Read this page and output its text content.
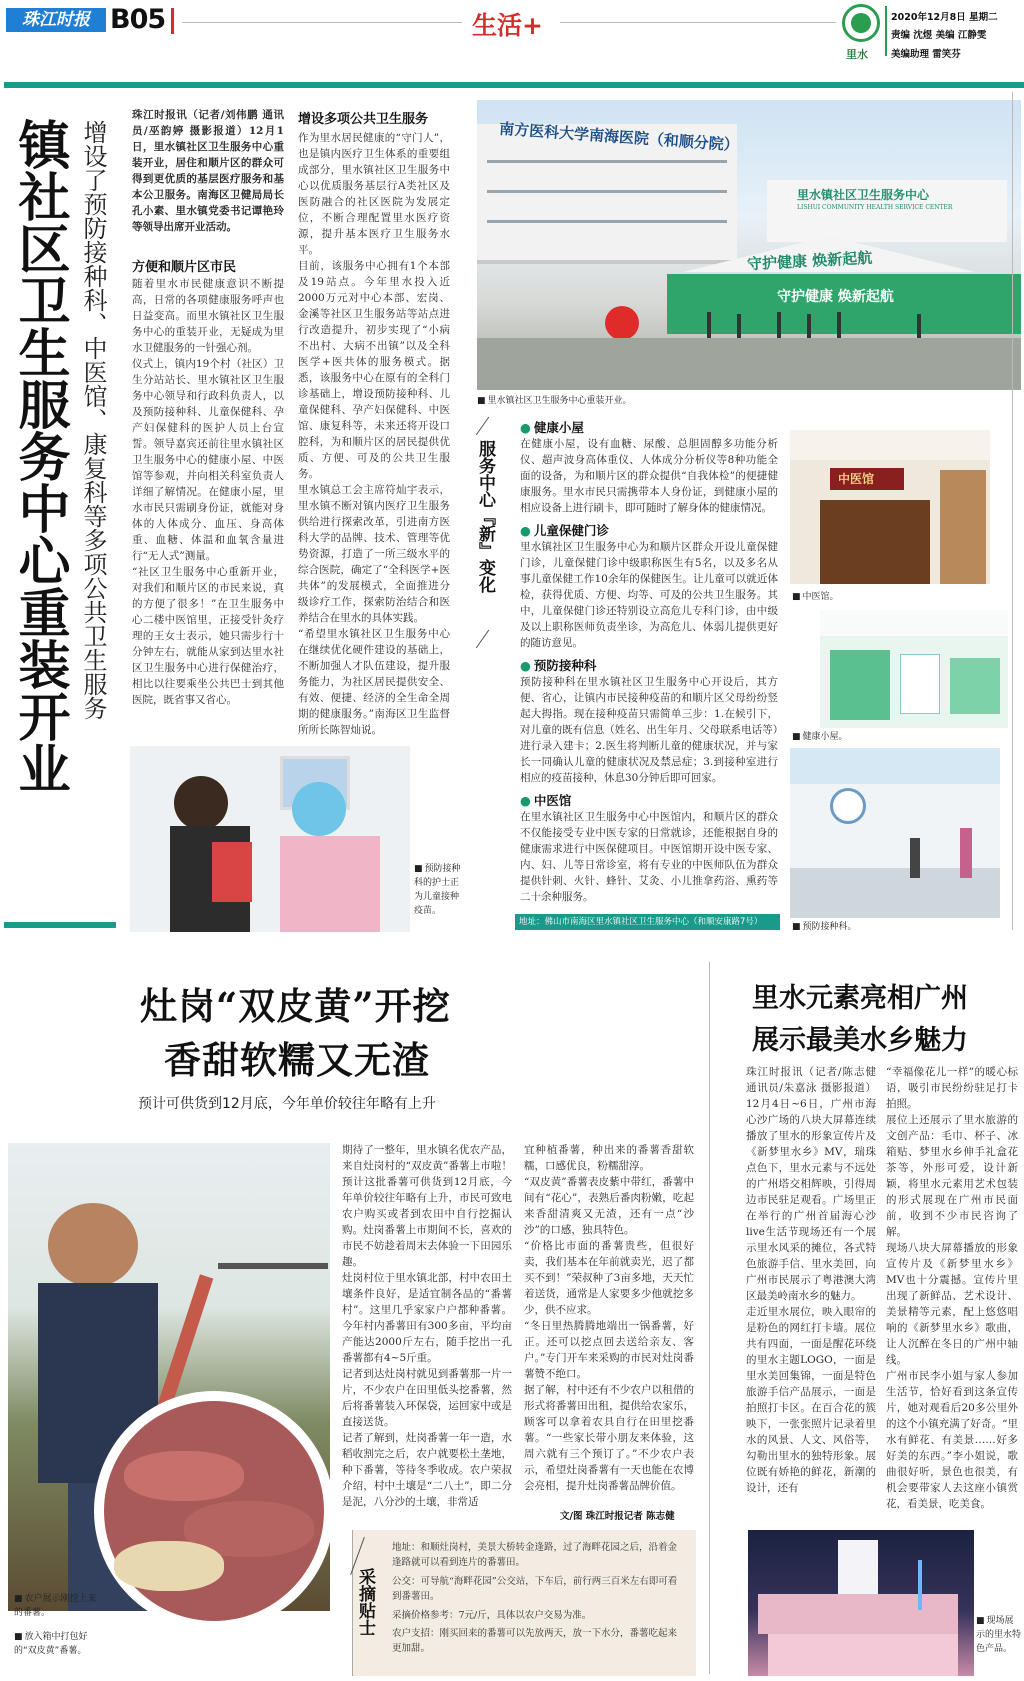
珠江时报 B05	生活+
里水
2020年12月8日 星期二
责编 沈煜 美编 江静雯
美编助理 雷笑芬
镇社区卫生服务中心重装开业 增设了预防接种科、中医馆、康复科等多项公共卫生服务
珠江时报讯（记者/刘伟鹏 通讯员/巫韵婷 摄影报道）12月1日，里水镇社区卫生服务中心重装开业，居住和顺片区的群众可得到更优质的基层医疗服务和基本公卫服务。南海区卫健局局长孔小素、里水镇党委书记谭艳玲等领导出席开业活动。
方便和顺片区市民
随着里水市民健康意识不断提高，日常的各项健康服务呼声也日益变高。而里水镇社区卫生服务中心的重装开业，无疑成为里水卫健服务的一针强心剂。
仪式上，镇内19个村（社区）卫生分站站长、里水镇社区卫生服务中心领导和行政科负责人，以及预防接种科、儿童保健科、孕产妇保健科的医护人员上台宣誓。领导嘉宾还前往里水镇社区卫生服务中心的健康小屋、中医馆等参观，并向相关科室负责人详细了解情况。在健康小屋，里水市民只需刷身份证，就能对身体的人体成分、血压、身高体重、血糖、体温和血氧含量进行“无人式”测量。
“社区卫生服务中心重新开业，对我们和顺片区的市民来说，真的方便了很多！”在卫生服务中心二楼中医馆里，正接受针灸疗理的王女士表示，她只需步行十分钟左右，就能从家到达里水社区卫生服务中心进行保健治疗，相比以往要乘坐公共巴士到其他医院，既省事又省心。
增设多项公共卫生服务
作为里水居民健康的“守门人”，也是镇内医疗卫生体系的重要组成部分，里水镇社区卫生服务中心以优质服务基层行A类社区及医防融合的社区医院为发展定位，不断合理配置里水医疗资源，提升基本医疗卫生服务水平。
目前，该服务中心拥有1个本部及19站点。今年里水投入近2000万元对中心本部、宏岗、金溪等社区卫生服务站等站点进行改造提升，初步实现了“小病不出村、大病不出镇”以及全科医学+医共体的服务模式。据悉，该服务中心在原有的全科门诊基础上，增设预防接种科、儿童保健科、孕产妇保健科、中医馆、康复科等，未来还将开设口腔科，为和顺片区的居民提供优质、方便、可及的公共卫生服务。
里水镇总工会主席符灿宇表示，里水镇不断对镇内医疗卫生服务供给进行探索改革，引进南方医科大学的品牌、技术、管理等优势资源，打造了一所三级水平的综合医院，确定了“全科医学+医共体”的发展模式，全面推进分级诊疗工作，探索防治结合和医养结合在里水的具体实践。
“希望里水镇社区卫生服务中心在继续优化硬件建设的基础上，不断加强人才队伍建设，提升服务能力，为社区居民提供安全、有效、便捷、经济的全生命全周期的健康服务。”南海区卫生监督所所长陈智灿说。
南方医科大学南海医院（和顺分院）
里水镇社区卫生服务中心
LISHUI COMMUNITY HEALTH SERVICE CENTER
守护健康 焕新起航
守护健康 焕新起航
■ 里水镇社区卫生服务中心重装开业。
服务中心『新』变化
● 健康小屋
在健康小屋，设有血糖、尿酸、总胆固醇多功能分析仪、超声波身高体重仪、人体成分分析仪等8种功能全面的设备，为和顺片区的群众提供“自我体检”的便捷健康服务。里水市民只需携带本人身份证，到健康小屋的相应设备上进行刷卡，即可随时了解身体的健康情况。
● 儿童保健门诊
里水镇社区卫生服务中心为和顺片区群众开设儿童保健门诊，儿童保健门诊中级职称医生有5名，以及多名从事儿童保健工作10余年的保健医生。让儿童可以就近体检，获得优质、方便、均等、可及的公共卫生服务。其中，儿童保健门诊还特别设立高危儿专科门诊，由中级及以上职称医师负责坐诊，为高危儿、体弱儿提供更好的随访意见。
● 预防接种科
预防接种科在里水镇社区卫生服务中心开设后，其方便、省心，让镇内市民接种疫苗的和顺片区父母纷纷竖起大拇指。现在接种疫苗只需简单三步：1.在候引下，对儿童的既有信息（姓名、出生年月、父母联系电话等）进行录入建卡；2.医生将判断儿童的健康状况，并与家长一同确认儿童的健康状况及禁忌症；3.到接种室进行相应的疫苗接种，休息30分钟后即可回家。
● 中医馆
在里水镇社区卫生服务中心中医馆内，和顺片区的群众不仅能接受专业中医专家的日常就诊，还能根据自身的健康需求进行中医保健项目。中医馆期开设中医专家、内、妇、儿等日常诊室，将有专业的中医师队伍为群众提供针刺、火针、蜂针、艾灸、小儿推拿药浴、熏药等二十余种服务。
中医馆
■ 中医馆。
■ 健康小屋。
■ 预防接种科。
地址：佛山市南海区里水镇社区卫生服务中心（和顺安康路7号）
■ 预防接种科的护士正为儿童接种疫苗。
灶岗“双皮黄”开挖
香甜软糯又无渣
预计可供货到12月底，今年单价较往年略有上升
■ 农户展示刚挖上来的番薯。
■ 放入箱中打包好的“双皮黄”番薯。
期待了一整年，里水镇名优农产品，来自灶岗村的“双皮黄”番薯上市啦！预计这批番薯可供货到12月底，今年单价较往年略有上升，市民可致电农户购买或者到农田中自行挖掘认购。灶岗番薯上市期间不长，喜欢的市民不妨趁着周末去体验一下田园乐趣。
灶岗村位于里水镇北部，村中农田土壤条件良好，是适宜制各品的“番薯村”。这里几乎家家户户都种番薯。今年村内番薯田有300多亩，平均亩产能达2000斤左右，随手挖出一孔番薯都有4~5斤重。
记者到达灶岗村就见到番薯那一片一片，不少农户在田里低头挖番薯，然后将番薯装入环保袋，运回家中或是直接送货。
记者了解到，灶岗番薯一年一造，水稻收割完之后，农户就要松土垄地，种下番薯，等待冬季收成。农户荣叔介绍，村中土壤是“二八土”，即二分是泥，八分沙的土壤，非常适
宜种植番薯，种出来的番薯香甜软糯，口感优良，粉糯甜淳。
“双皮黄”番薯表皮紫中带红，番薯中间有“花心”，表熟后番肉粉嫩，吃起来香甜清爽又无渣，还有一点“沙沙”的口感，独具特色。
“价格比市面的番薯贵些，但很好卖，我们基本在年前就卖光，迟了都买不到！”荣叔种了3亩多地，天天忙着送货，通常是人家要多少他就挖多少，供不应求。
“冬日里热腾腾地端出一锅番薯，好正。还可以挖点回去送给亲友、客户。”专门开车来采购的市民对灶岗番薯赞不绝口。
据了解，村中还有不少农户以租借的形式将番薯田出租，提供给农家乐，顾客可以拿着农具自行在田里挖番薯。“一些家长带小朋友来体验，这周六就有三个预订了。”不少农户表示，希望灶岗番薯有一天也能在农博会亮相，提升灶岗番薯品牌价值。
文/图 珠江时报记者 陈志健
采摘贴士
地址：和顺灶岗村，美景大桥转金逢路，过了海畔花园之后，沿着金逢路就可以看到连片的番薯田。
公交：可导航“海畔花园”公交站，下车后，前行两三百米左右即可看到番薯田。
采摘价格参考：7元/斤，具体以农户交易为准。
农户支招：刚买回来的番薯可以先放两天，放一下水分，番薯吃起来更加甜。
里水元素亮相广州
展示最美水乡魅力
珠江时报讯（记者/陈志健 通讯员/朱嘉泳 摄影报道）12月4日~6日，广州市海心沙广场的八块大屏幕连续播放了里水的形象宣传片及《新梦里水乡》MV，瑞珠点色下，里水元素与不远处的广州塔交相辉映，引得周边市民驻足观看。广场里正在举行的广州首届海心沙live生活节现场还有一个展示里水风采的摊位，各式特色旅游手信、里水美回，向广州市民展示了粤港澳大湾区最美岭南水乡的魅力。
走近里水展位，映入眼帘的是粉色的网红打卡墙。展位共有四面，一面是醒花环绕的里水主题LOGO，一面是里水美回集锦，一面是特色旅游手信产品展示，一面是拍照打卡区。在百合花的簇映下，一张张照片记录着里水的风景、人文、风俗等，勾勒出里水的独特形象。展位既有娇艳的鲜花，新潮的设计，还有
“幸福像花儿一样”的暖心标语，吸引市民纷纷驻足打卡拍照。
展位上还展示了里水旅游的文创产品：毛巾、杯子、冰箱贴、梦里水乡伸手礼盒花茶等，外形可爱，设计新颖，将里水元素用艺术包装的形式展现在广州市民面前，收到不少市民咨询了解。
现场八块大屏幕播放的形象宣传片及《新梦里水乡》MV也十分震撼。宣传片里出现了新鲜品、艺术设计、美景精等元素，配上悠悠唱响的《新梦里水乡》歌曲，让人沉醉在冬日的广州中轴线。
广州市民李小姐与家人参加生活节，恰好看到这条宣传片，她对观看后20多公里外的这个小镇充满了好奇。“里水有鲜花、有美景……好多好美的东西。”李小姐说，歌曲很好听，景色也很美，有机会要带家人去这座小镇赏花，看美景，吃美食。
■ 现场展示的里水特色产品。
